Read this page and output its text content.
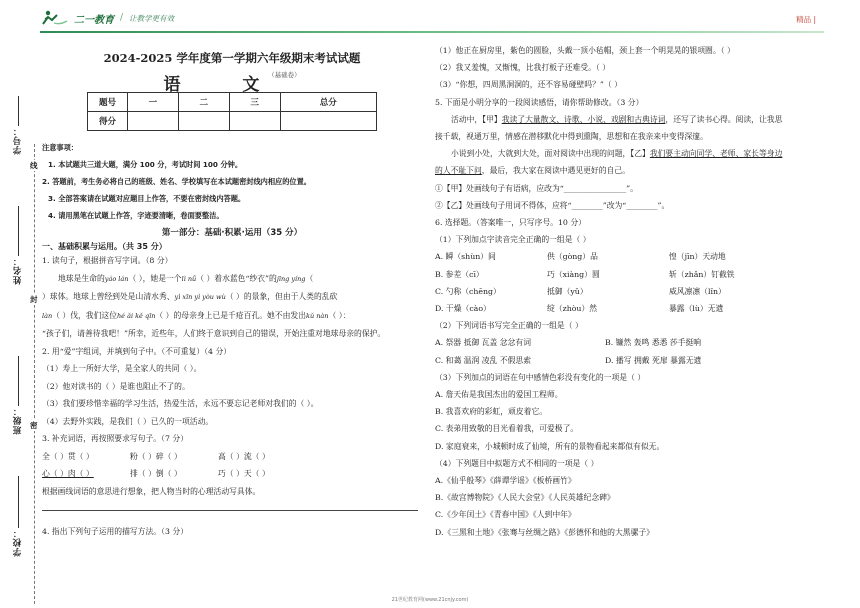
二一教育 / 让教学更有效	精品 |
学号：
线
姓名：
封
班级： 密
学校：
2024-2025 学年度第一学期六年级期末考试试题
语 文 $^{(基础卷)}$
题号	一	二	三	总分
得分				
注意事项：
1. 本试题共三道大题，满分 100 分，考试时间 100 分钟。
2. 答题前，考生务必将自己的班级、姓名、学校填写在本试题密封线内相应的位置。
3. 全部答案请在试题对应题目上作答，不要在密封线内答题。
4. 请用黑笔在试题上作答，字迹要清晰，卷面要整洁。
第一部分：基础·积累·运用（35 分）
一、基础积累与运用。（共 35 分）
1. 读句子，根据拼音写字词。（8 分）
地球是生命的yáo lán（ ），她是一个lì nǚ（ ）着水蓝色“纱衣”的jīng yíng（
）球体。地球上曾经到处是山清水秀、yì xīn yì yòu wù（ ）的景象，但由于人类的乱砍
làn（ ）伐，我们这位hé ǎi kě qīn（ ）的母亲身上已是千疮百孔。她不由发出kǔ nàn（ ）：
“孩子们，请善待我吧！”所幸，近些年，人们终于意识到自己的错误，开始注重对地球母亲的保护。
2. 用“爱”字组词，并填到句子中。（不可重复）（4 分）
（1）寿上一所好大学，是全家人的共同（ ）。
（2）他对读书的（ ）是谁也阻止不了的。
（3）我们要珍惜幸福的学习生活，热爱生活，永远不要忘记老师对我们的（ ）。
（4）去野外实践，是我们（ ）已久的一项活动。
3. 补充词语，再按照要求写句子。（7 分）
全（ ）贯（ ）	粉（ ）碎（ ）	高（ ）流（ ）
心（ ）肉（ ）	排（ ）倒（ ）	巧（ ）天（ ）
根据画线词语的意思进行想象，把人物当时的心理活动写具体。
4. 指出下列句子运用的描写方法。（3 分）
（1）他正在厨房里，紫色的圆脸，头戴一顶小毡帽，颈上套一个明晃晃的银项圈。（ ）
（2）我又羞愧，又惭愧，比我打板子还难受。（ ）
（3）“你想，四周黑洞洞的，还不容易碰壁吗？”（ ）
5. 下面是小明分享的一段阅读感悟，请你帮助修改。（3 分）
活动中，【甲】我读了大量散文、诗歌、小说、戏剧和古典诗词，还写了读书心得。阅读，让我思
接千载，视通万里，情感在潜移默化中得到熏陶，思想和在我亲来中变得深邃。
小说到小处，大就到大处，面对阅读中出现的问题，【乙】我们要主动向同学、老师、家长等身边
的人不耻下问，最后，我大家在阅读中遇见更好的自己。
①【甲】处画线句子有语病，应改为“________________”。
②【乙】处画线句子用词不得体，应将“________”改为“________”。
6. 选择题。（答案唯一，只写序号。10 分）
（1）下列加点字读音完全正确的一组是（ ）
A. 瞬（shùn）间	供（gòng）品	惶（jīn）天动地
B. 参差（cī）	巧（xiàng）圆	斩（zhǎn）钉截铁
C. 勺称（chēng）	抵御（yǔ）	威风凛凛（lǐn）
D. 干燥（cào）	绽（zhòu）然	暴露（lù）无遗
（2）下列词语书写完全正确的一组是（ ）
A. 祭器 抵御 瓦盖 忿忿有词	B. 镰然 轰鸣 悉悉 莎手挺响
C. 和蔼 温润 凌乱 不假思索	D. 播写 拥戴 死扉 暴露无遗
（3）下列加点的词语在句中感情色彩没有变化的一项是（ ）
A. 詹天佑是我国杰出的爱国工程师。
B. 我喜欢府的彩虹，顽皮着它。
C. 表弟用致敬的目光看着我，可爱极了。
D. 家庭衰来，小城顿时成了仙境，所有的景物看起来都似有似无。
（4）下列题目中拟题方式不相同的一项是（ ）
A.《仙乎般琴》《薛谭学谣》《板桥画竹》
B.《故宫博物院》《人民大会堂》《人民英雄纪念碑》
C.《少年闰土》《青春中国》《人到中年》
D.《三黑和土地》《张骞与丝绸之路》《彭德怀和他的大黑骡子》
21世纪教育网(www.21cnjy.com)
